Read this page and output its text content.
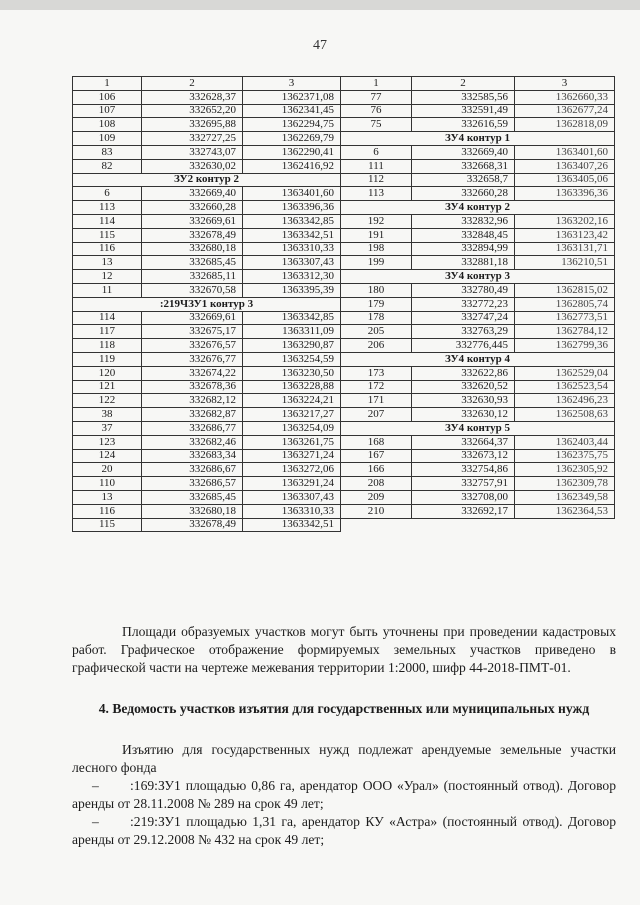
47
1	2	3	1	2	3
106	332628,37	1362371,08	77	332585,56	1362660,33
107	332652,20	1362341,45	76	332591,49	1362677,24
108	332695,88	1362294,75	75	332616,59	1362818,09
109	332727,25	1362269,79	ЗУ4 контур 1		
83	332743,07	1362290,41	6	332669,40	1363401,60
82	332630,02	1362416,92	111	332668,31	1363407,26
ЗУ2 контур 2			112	332658,7	1363405,06
6	332669,40	1363401,60	113	332660,28	1363396,36
113	332660,28	1363396,36	ЗУ4 контур 2		
114	332669,61	1363342,85	192	332832,96	1363202,16
115	332678,49	1363342,51	191	332848,45	1363123,42
116	332680,18	1363310,33	198	332894,99	1363131,71
13	332685,45	1363307,43	199	332881,18	136210,51
12	332685,11	1363312,30	ЗУ4 контур 3		
11	332670,58	1363395,39	180	332780,49	1362815,02
:219ЧЗУ1 контур 3			179	332772,23	1362805,74
114	332669,61	1363342,85	178	332747,24	1362773,51
117	332675,17	1363311,09	205	332763,29	1362784,12
118	332676,57	1363290,87	206	332776,445	1362799,36
119	332676,77	1363254,59	ЗУ4 контур 4		
120	332674,22	1363230,50	173	332622,86	1362529,04
121	332678,36	1363228,88	172	332620,52	1362523,54
122	332682,12	1363224,21	171	332630,93	1362496,23
38	332682,87	1363217,27	207	332630,12	1362508,63
37	332686,77	1363254,09	ЗУ4 контур 5		
123	332682,46	1363261,75	168	332664,37	1362403,44
124	332683,34	1363271,24	167	332673,12	1362375,75
20	332686,67	1363272,06	166	332754,86	1362305,92
110	332686,57	1363291,24	208	332757,91	1362309,78
13	332685,45	1363307,43	209	332708,00	1362349,58
116	332680,18	1363310,33	210	332692,17	1362364,53
115	332678,49	1363342,51			
Площади образуемых участков могут быть уточнены при проведении кадастровых работ. Графическое отображение формируемых земельных участков приведено в графической части на чертеже межевания территории 1:2000, шифр 44-2018-ПМТ-01.
4. Ведомость участков изъятия для государственных или муниципальных нужд
Изъятию для государственных нужд подлежат арендуемые земельные участки лесного фонда
– :169:ЗУ1 площадью 0,86 га, арендатор ООО «Урал» (постоянный отвод). Договор аренды от 28.11.2008 № 289 на срок 49 лет;
– :219:ЗУ1 площадью 1,31 га, арендатор КУ «Астра» (постоянный отвод). Договор аренды от 29.12.2008 № 432 на срок 49 лет;
